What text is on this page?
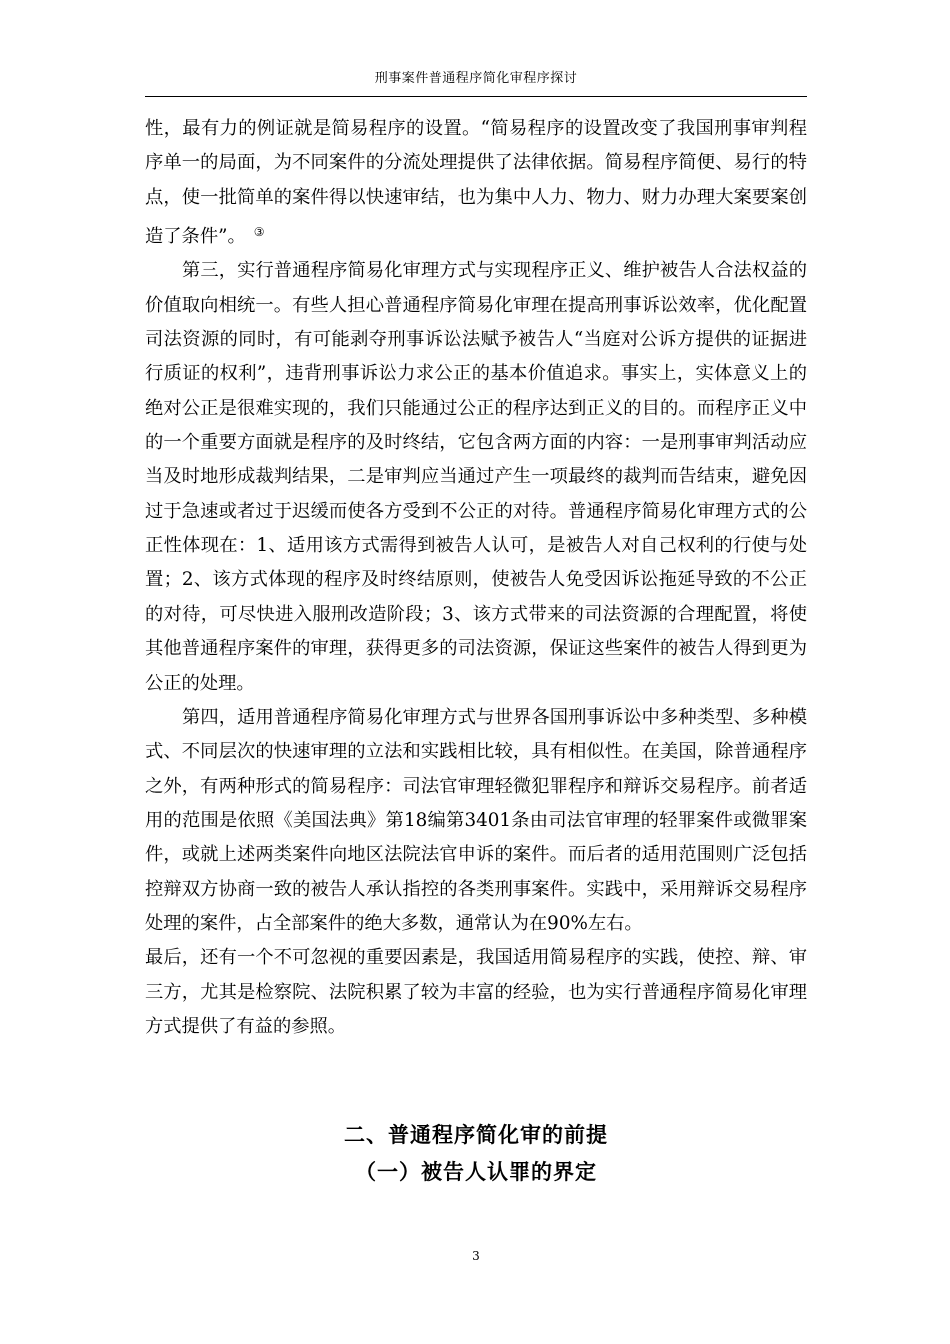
刑事案件普通程序简化审程序探讨

性，最有力的例证就是简易程序的设置。“简易程序的设置改变了我国刑事审判程序单一的局面，为不同案件的分流处理提供了法律依据。简易程序简便、易行的特点，使一批简单的案件得以快速审结，也为集中人力、物力、财力办理大案要案创造了条件”。 ③

第三，实行普通程序简易化审理方式与实现程序正义、维护被告人合法权益的价值取向相统一。有些人担心普通程序简易化审理在提高刑事诉讼效率，优化配置司法资源的同时，有可能剥夺刑事诉讼法赋予被告人“当庭对公诉方提供的证据进行质证的权利”，违背刑事诉讼力求公正的基本价值追求。事实上，实体意义上的绝对公正是很难实现的，我们只能通过公正的程序达到正义的目的。而程序正义中的一个重要方面就是程序的及时终结，它包含两方面的内容：一是刑事审判活动应当及时地形成裁判结果，二是审判应当通过产生一项最终的裁判而告结束，避免因过于急速或者过于迟缓而使各方受到不公正的对待。普通程序简易化审理方式的公正性体现在：1、适用该方式需得到被告人认可，是被告人对自己权利的行使与处置；2、该方式体现的程序及时终结原则，使被告人免受因诉讼拖延导致的不公正的对待，可尽快进入服刑改造阶段；3、该方式带来的司法资源的合理配置，将使其他普通程序案件的审理，获得更多的司法资源，保证这些案件的被告人得到更为公正的处理。

第四，适用普通程序简易化审理方式与世界各国刑事诉讼中多种类型、多种模式、不同层次的快速审理的立法和实践相比较，具有相似性。在美国，除普通程序之外，有两种形式的简易程序：司法官审理轻微犯罪程序和辩诉交易程序。前者适用的范围是依照《美国法典》第18编第3401条由司法官审理的轻罪案件或微罪案件，或就上述两类案件向地区法院法官申诉的案件。而后者的适用范围则广泛包括控辩双方协商一致的被告人承认指控的各类刑事案件。实践中，采用辩诉交易程序处理的案件，占全部案件的绝大多数，通常认为在90%左右。

最后，还有一个不可忽视的重要因素是，我国适用简易程序的实践，使控、辩、审三方，尤其是检察院、法院积累了较为丰富的经验，也为实行普通程序简易化审理方式提供了有益的参照。

二、普通程序简化审的前提
（一）被告人认罪的界定
3
